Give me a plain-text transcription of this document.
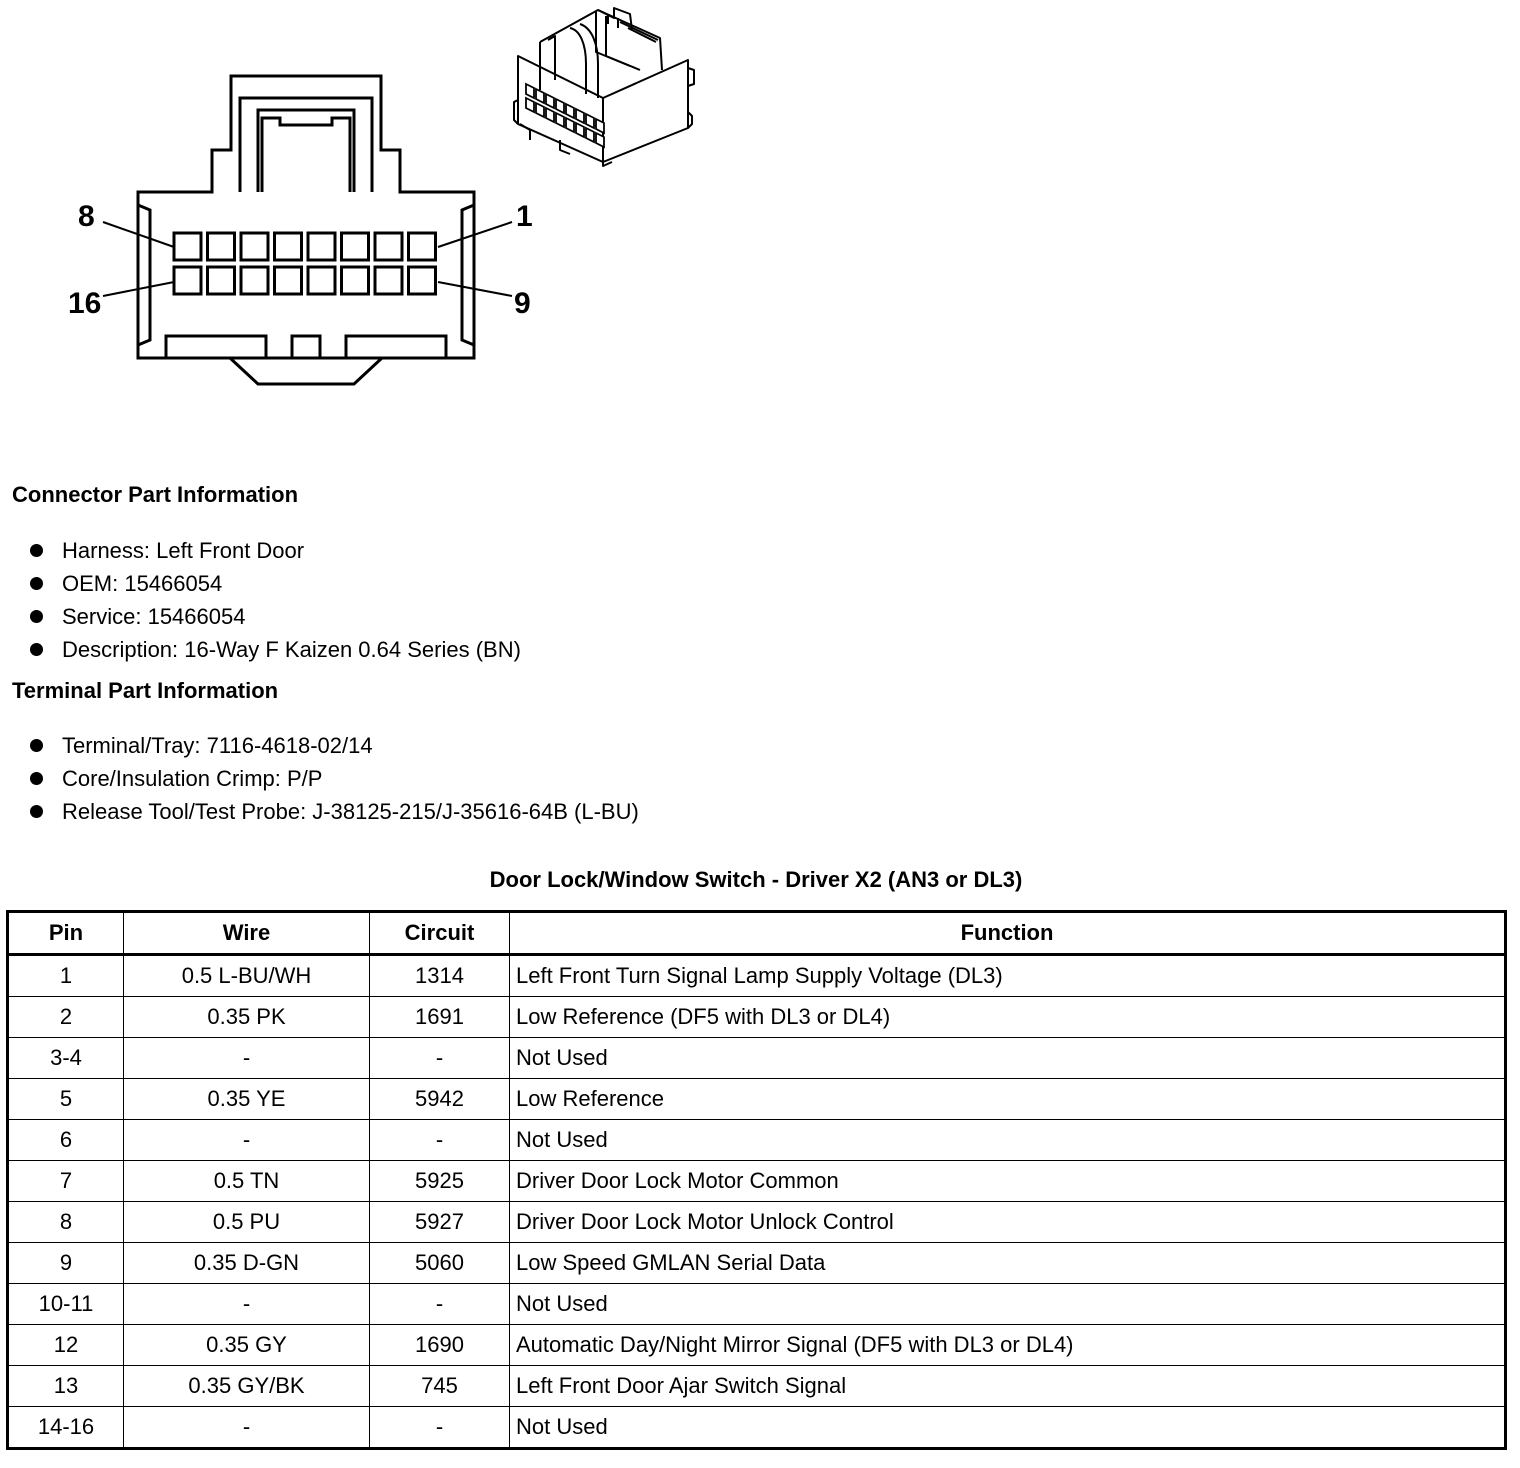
8	1
16	9
Connector Part Information
Harness: Left Front Door
OEM: 15466054
Service: 15466054
Description: 16-Way F Kaizen 0.64 Series (BN)
Terminal Part Information
Terminal/Tray: 7116-4618-02/14
Core/Insulation Crimp: P/P
Release Tool/Test Probe: J-38125-215/J-35616-64B (L-BU)
Door Lock/Window Switch - Driver X2 (AN3 or DL3)
Pin	Wire	Circuit	Function
1	0.5 L-BU/WH	1314	Left Front Turn Signal Lamp Supply Voltage (DL3)
2	0.35 PK	1691	Low Reference (DF5 with DL3 or DL4)
3-4	-	-	Not Used
5	0.35 YE	5942	Low Reference
6	-	-	Not Used
7	0.5 TN	5925	Driver Door Lock Motor Common
8	0.5 PU	5927	Driver Door Lock Motor Unlock Control
9	0.35 D-GN	5060	Low Speed GMLAN Serial Data
10-11	-	-	Not Used
12	0.35 GY	1690	Automatic Day/Night Mirror Signal (DF5 with DL3 or DL4)
13	0.35 GY/BK	745	Left Front Door Ajar Switch Signal
14-16	-	-	Not Used
